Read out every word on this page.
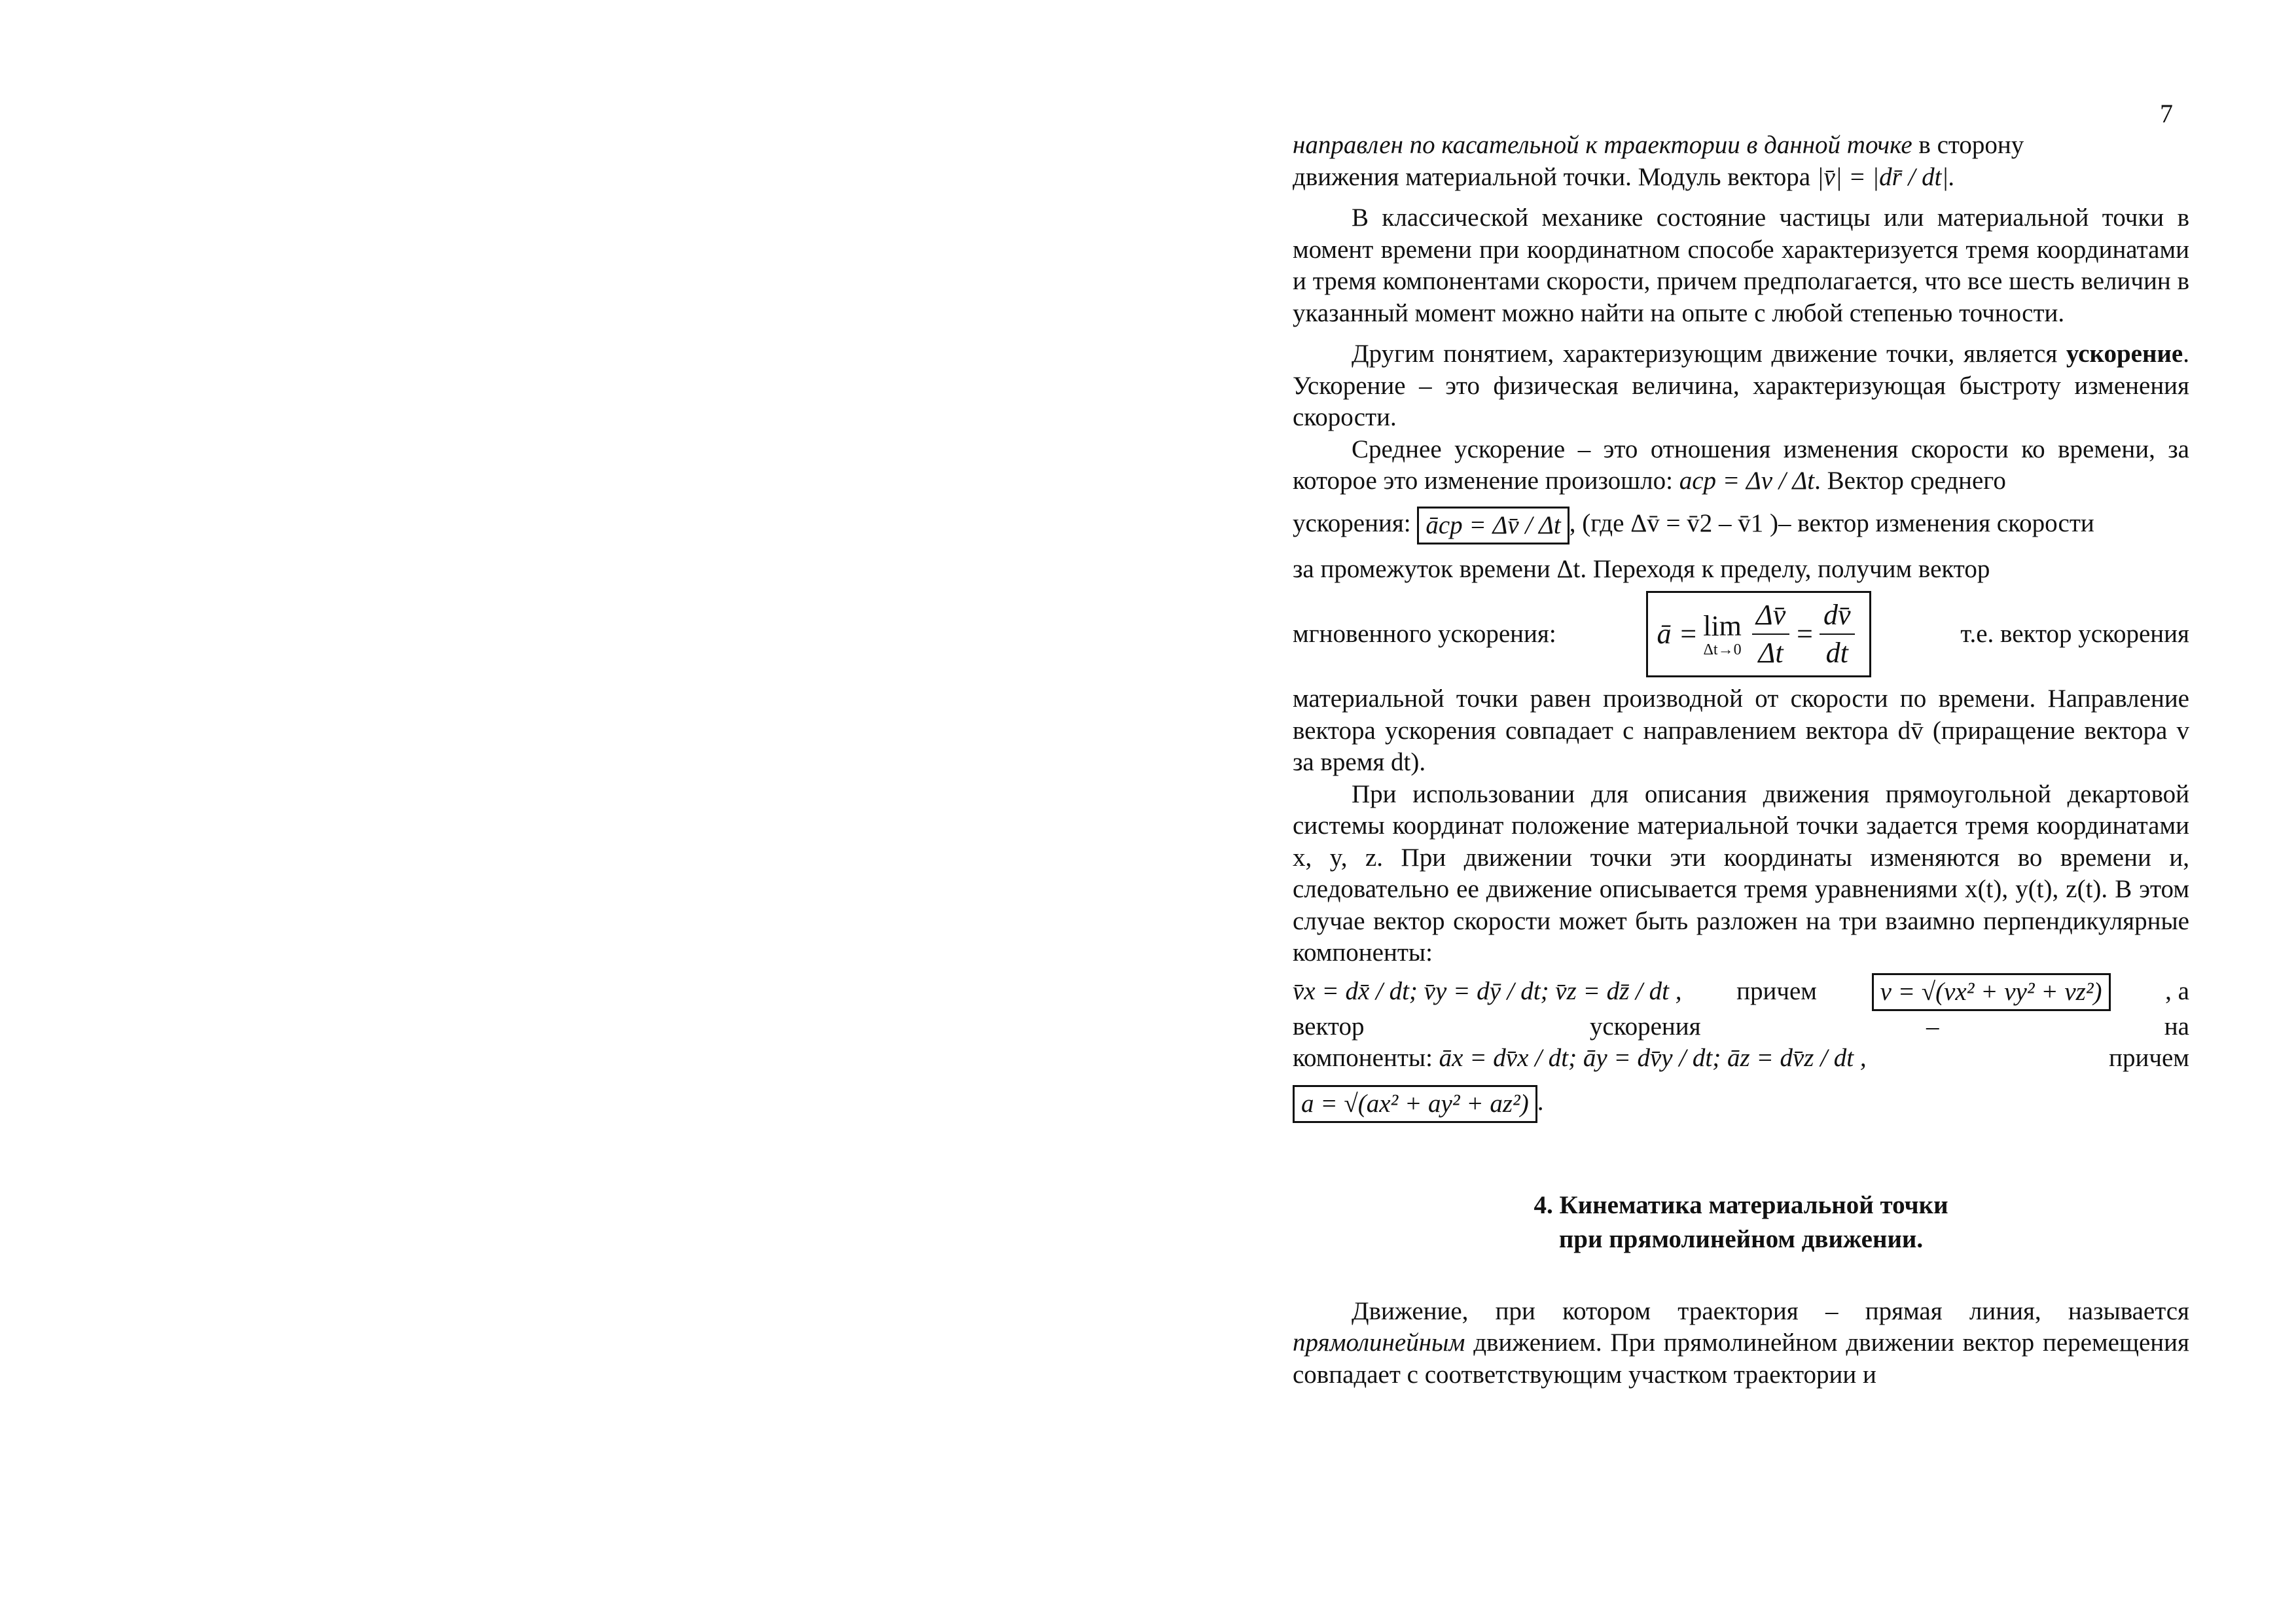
7

направлен по касательной к траектории в данной точке в сторону

движения материальной точки. Модуль вектора |v̄| = |dr̄ / dt|.

В классической механике состояние частицы или материальной точки в момент времени при координатном способе характеризуется тремя координатами и тремя компонентами скорости, причем предполагается, что все шесть величин в указанный момент можно найти на опыте с любой степенью точности.

Другим понятием, характеризующим движение точки, является ускорение. Ускорение – это физическая величина, характеризующая быстроту изменения скорости.

Среднее ускорение – это отношения изменения скорости ко времени, за которое это изменение произошло: aср = Δv / Δt. Вектор среднего

ускорения: āср = Δv̄ / Δt , (где Δv̄ = v̄2 – v̄1 )– вектор изменения скорости

за промежуток времени Δt. Переходя к пределу, получим вектор

мгновенного ускорения:	ā = lim
$\Delta t\to 0 \frac{\Delta v̄}{\Delta t} = \frac{dv̄}{dt}$	т.е. вектор ускорения

материальной точки равен производной от скорости по времени. Направление вектора ускорения совпадает с направлением вектора dv̄ (приращение вектора v за время dt).

При использовании для описания движения прямоугольной декартовой системы координат положение материальной точки задается тремя координатами x, y, z. При движении точки эти координаты изменяются во времени и, следовательно ее движение описывается тремя уравнениями x(t), y(t), z(t). В этом случае вектор скорости может быть разложен на три взаимно перпендикулярные компоненты:

v̄x = dx̄ / dt; v̄y = dȳ / dt; v̄z = dz̄ / dt , причем	v = √(vx² + vy² + vz²)	, а
вектор	ускорения	–	на
компоненты: āx = dv̄x / dt; āy = dv̄y / dt; āz = dv̄z / dt ,	причем

a = √(ax² + ay² + az²) .

4. Кинематика материальной точки
при прямолинейном движении.

Движение, при котором траектория – прямая линия, называется прямолинейным движением. При прямолинейном движении вектор перемещения совпадает с соответствующим участком траектории и
